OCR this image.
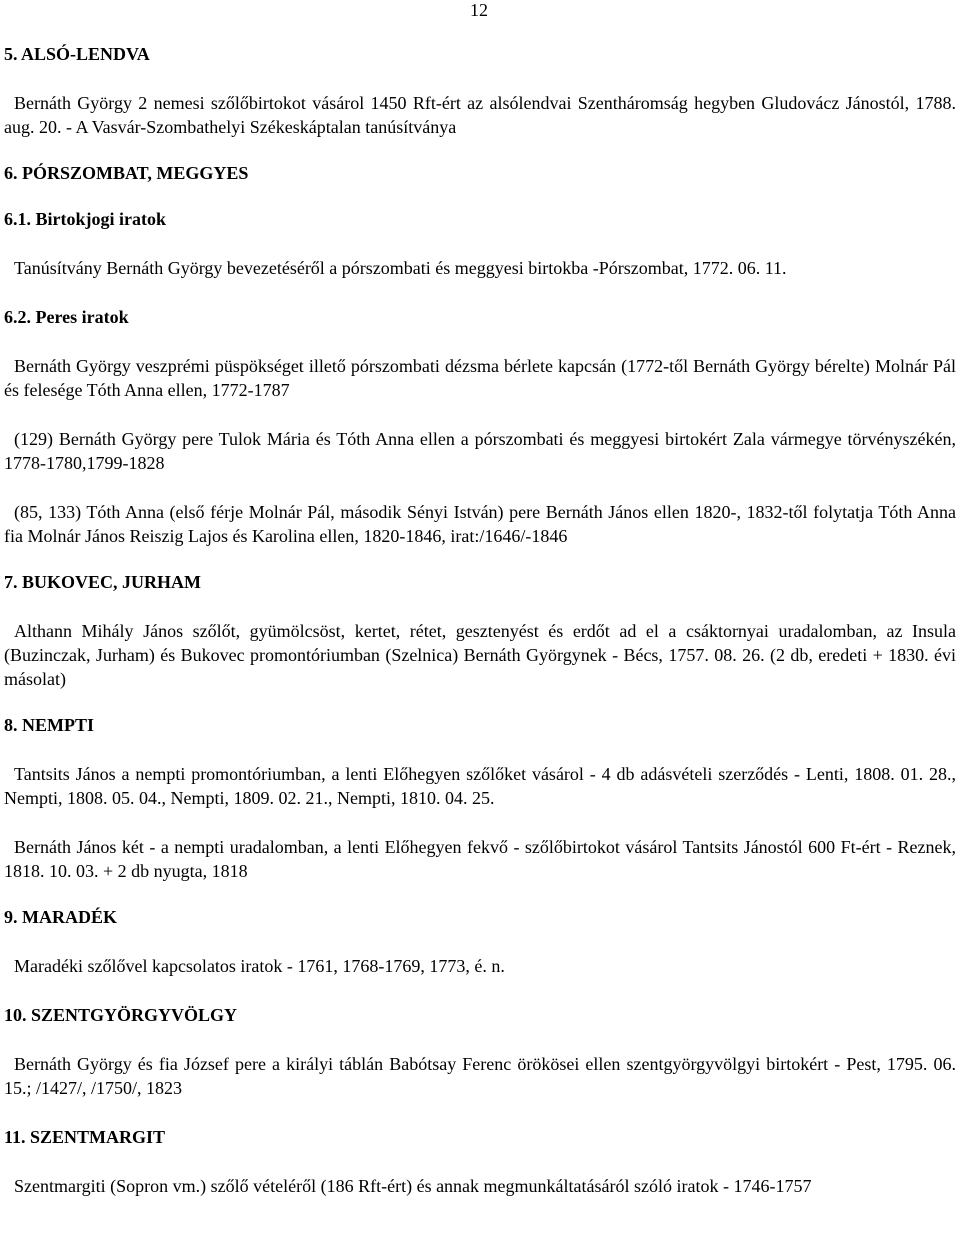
12
5. ALSÓ-LENDVA

Bernáth György 2 nemesi szőlőbirtokot vásárol 1450 Rft-ért az alsólendvai Szentháromság hegyben Gludovácz Jánostól, 1788. aug. 20. - A Vasvár-Szombathelyi Székeskáptalan tanúsítványa

6. PÓRSZOMBAT, MEGGYES
6.1. Birtokjogi iratok

Tanúsítvány Bernáth György bevezetéséről a pórszombati és meggyesi birtokba -Pórszombat, 1772. 06. 11.

6.2. Peres iratok

Bernáth György veszprémi püspökséget illető pórszombati dézsma bérlete kapcsán (1772-től Bernáth György bérelte) Molnár Pál és felesége Tóth Anna ellen, 1772-1787

(129) Bernáth György pere Tulok Mária és Tóth Anna ellen a pórszombati és meggyesi birtokért Zala vármegye törvényszékén, 1778-1780,1799-1828

(85, 133) Tóth Anna (első férje Molnár Pál, második Sényi István) pere Bernáth János ellen 1820-, 1832-től folytatja Tóth Anna fia Molnár János Reiszig Lajos és Karolina ellen, 1820-1846, irat:/1646/-1846

7. BUKOVEC, JURHAM

Althann Mihály János szőlőt, gyümölcsöst, kertet, rétet, gesztenyést és erdőt ad el a csáktornyai uradalomban, az Insula (Buzinczak, Jurham) és Bukovec promontóriumban (Szelnica) Bernáth Györgynek - Bécs, 1757. 08. 26. (2 db, eredeti + 1830. évi másolat)

8. NEMPTI

Tantsits János a nempti promontóriumban, a lenti Előhegyen szőlőket vásárol - 4 db adásvételi szerződés - Lenti, 1808. 01. 28., Nempti, 1808. 05. 04., Nempti, 1809. 02. 21., Nempti, 1810. 04. 25.

Bernáth János két - a nempti uradalomban, a lenti Előhegyen fekvő - szőlőbirtokot vásárol Tantsits Jánostól 600 Ft-ért - Reznek, 1818. 10. 03. + 2 db nyugta, 1818

9. MARADÉK

Maradéki szőlővel kapcsolatos iratok - 1761, 1768-1769, 1773, é. n.

10. SZENTGYÖRGYVÖLGY

Bernáth György és fia József pere a királyi táblán Babótsay Ferenc örökösei ellen szentgyörgyvölgyi birtokért - Pest, 1795. 06. 15.; /1427/, /1750/, 1823

11. SZENTMARGIT

Szentmargiti (Sopron vm.) szőlő vételéről (186 Rft-ért) és annak megmunkáltatásáról szóló iratok - 1746-1757
